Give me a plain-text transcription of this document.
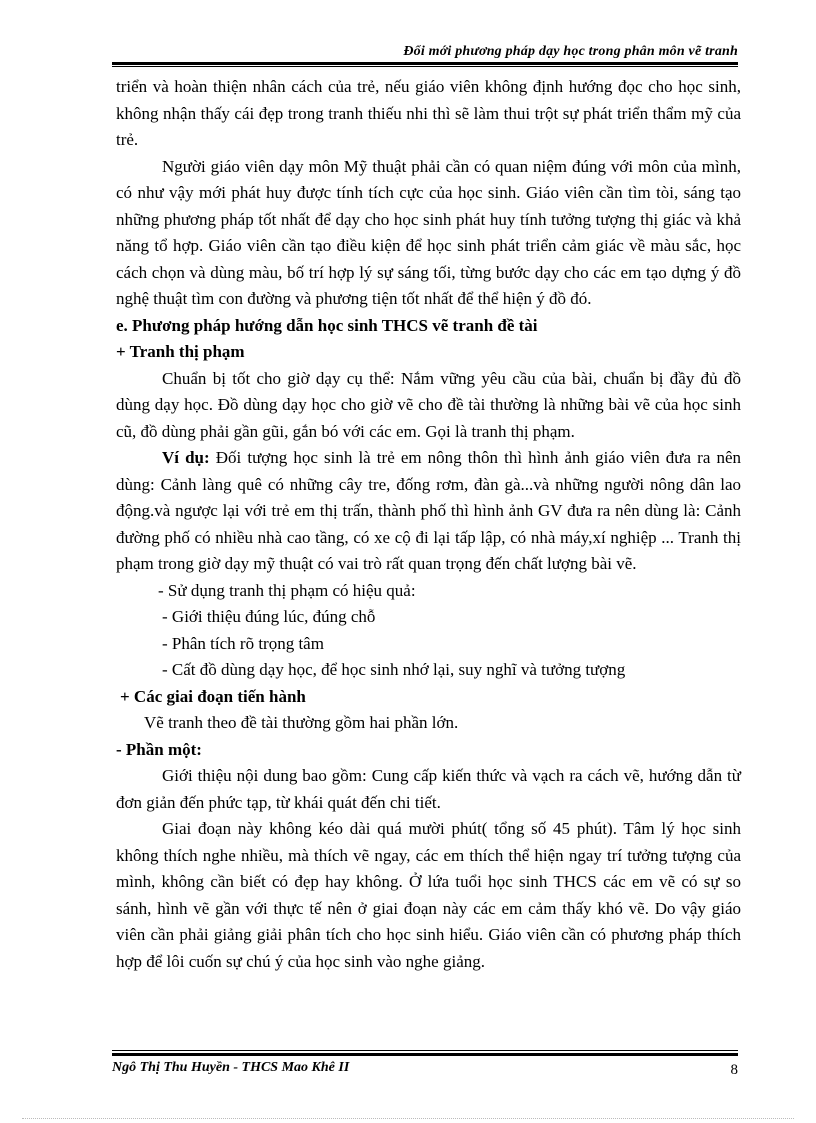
Đổi mới phương pháp dạy học trong phân môn vẽ tranh

triển và hoàn thiện nhân cách của trẻ, nếu giáo viên không định hướng đọc cho học sinh, không nhận thấy cái đẹp trong tranh thiếu nhi thì sẽ làm thui trột sự phát triển thẩm mỹ của trẻ.

Người giáo viên dạy môn Mỹ thuật phải cần có quan niệm đúng với môn của mình, có như vậy mới phát huy được tính tích cực của học sinh. Giáo viên cần tìm tòi, sáng tạo những phương pháp tốt nhất để dạy cho học sinh phát huy tính tưởng tượng thị giác và khả năng tổ hợp. Giáo viên cần tạo điều kiện để học sinh phát triển cảm giác về màu sắc, học cách chọn và dùng màu, bố trí hợp lý sự sáng tối, từng bước dạy cho các em tạo dựng ý đồ nghệ thuật tìm con đường và phương tiện tốt nhất để thể hiện ý đồ đó.

e. Phương pháp hướng dẫn học sinh THCS vẽ tranh đề tài

+ Tranh thị phạm

Chuẩn bị tốt cho giờ dạy cụ thể: Nắm vững yêu cầu của bài, chuẩn bị đầy đủ đồ dùng dạy học. Đồ dùng dạy học cho giờ vẽ cho đề tài thường là những bài vẽ của học sinh cũ, đồ dùng phải gần gũi, gắn bó với các em. Gọi là tranh thị phạm.

Ví dụ: Đối tượng học sinh là trẻ em nông thôn thì hình ảnh giáo viên đưa ra nên dùng: Cảnh làng quê có những cây tre, đống rơm, đàn gà...và những người nông dân lao động.và ngược lại với trẻ em thị trấn, thành phố thì hình ảnh GV đưa ra nên dùng là: Cảnh đường phố có nhiều nhà cao tầng, có xe cộ đi lại tấp lập, có nhà máy,xí nghiệp ... Tranh thị phạm trong giờ dạy mỹ thuật có vai trò rất quan trọng đến chất lượng bài vẽ.

- Sử dụng tranh thị phạm có hiệu quả:

- Giới thiệu đúng lúc, đúng chỗ

- Phân tích rõ trọng tâm

- Cất đồ dùng dạy học, để học sinh nhớ lại, suy nghĩ và tưởng tượng

+ Các giai đoạn tiến hành

Vẽ tranh theo đề tài thường gồm hai phần lớn.

- Phần một:

Giới thiệu nội dung bao gồm: Cung cấp kiến thức và vạch ra cách vẽ, hướng dẫn từ đơn giản đến phức tạp, từ khái quát đến chi tiết.

Giai đoạn này không kéo dài quá mười phút( tổng số 45 phút). Tâm lý học sinh không thích nghe nhiều, mà thích vẽ ngay, các em thích thể hiện ngay trí tưởng tượng của mình, không cần biết có đẹp hay không. Ở lứa tuổi học sinh THCS các em vẽ có sự so sánh, hình vẽ gần với thực tế nên ở giai đoạn này các em cảm thấy khó vẽ. Do vậy giáo viên cần phải giảng giải phân tích cho học sinh hiểu. Giáo viên cần có phương pháp thích hợp để lôi cuốn sự chú ý của học sinh vào nghe giảng.

Ngô Thị Thu Huyền - THCS Mao Khê II	8
